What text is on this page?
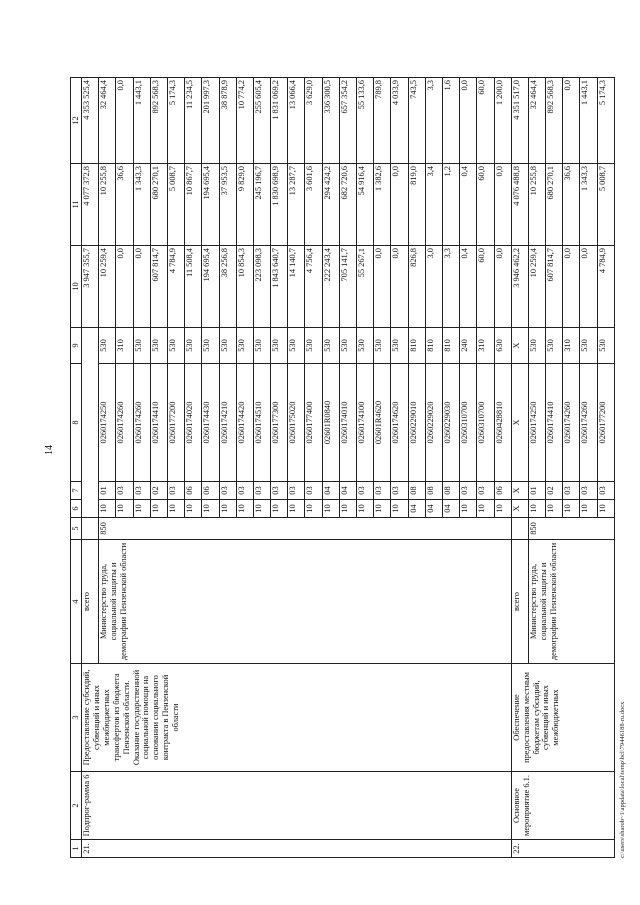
14
1	2	3	4	5	6	7	8	9	10	11	12
21.	Подпрог-рамма 6	Предоставление субсидий, субвенций и иных межбюджетных трансфертов из бюджета Пензенской области. Оказание государственной социальной помощи на основании социального контракта в Пензенской области	всего						3 947 355,7	4 077 372,8	4 353 525,4
			Министерство труда, социальной защиты и демографии Пензенской области	850	10	01	0260174250	530	10 259,4	10 255,8	32 464,4
					10	03	0260174260	310	0,0	36,6	0,0
					10	03	0260174260	530	0,0	1 343,3	1 443,1
					10	02	0260174410	530	607 814,7	680 270,1	892 568,3
					10	03	0260177200	530	4 784,9	5 008,7	5 174,3
					10	06	0260174020	530	11 508,4	10 867,7	11 234,5
					10	06	0260174430	530	194 695,4	194 695,4	201 997,3
					10	03	0260174210	530	38 256,8	37 953,5	38 878,9
					10	03	0260174420	530	10 854,3	9 829,0	10 774,2
					10	03	0260174510	530	223 098,3	245 196,7	255 605,4
					10	03	0260177300	530	1 843 640,7	1 830 698,9	1 831 069,2
					10	03	0260175020	530	14 140,7	13 287,7	13 066,4
					10	03	0260177400	530	4 756,4	3 601,6	3 629,0
					10	04	02601R0840	530	222 243,4	294 424,2	336 300,5
					10	04	0260174010	530	705 141,7	682 720,6	657 354,2
					10	03	0260174100	530	55 267,1	54 916,4	55 133,6
					10	03	02601R4620	530	0,0	1 382,6	789,8
					10	03	0260174620	530	0,0	0,0	4 033,9
					04	08	0260229010	810	826,8	819,0	743,5
					04	08	0260229020	810	3,0	3,4	3,3
					04	08	0260229030	810	3,3	1,2	1,6
					10	03	0260310700	240	0,4	0,4	0,0
					10	03	0260310700	310	60,0	60,0	60,0
					10	06	0260428810	630	0,0	0,0	1 200,0
22.	Основное мероприятие 6.1.	Обеспечение предоставления местным бюджетам субсидий, субвенций и иных межбюджетных	всего		Х	Х	Х	Х	3 946 462,2	4 076 488,8	4 351 517,0
			Министерство труда, социальной защиты и демографии Пензенской области	850	10	01	0260174250	530	10 259,4	10 255,8	32 464,4
					10	02	0260174410	530	607 814,7	680 270,1	892 568,3
					10	03	0260174260	310	0,0	36,6	0,0
					10	03	0260174260	530	0,0	1 343,3	1 443,1
					10	03	0260177200	530	4 784,9	5 008,7	5 174,3
c:\users\sharob~1\appdata\local\temp\bcl\79446188-ru.docx
